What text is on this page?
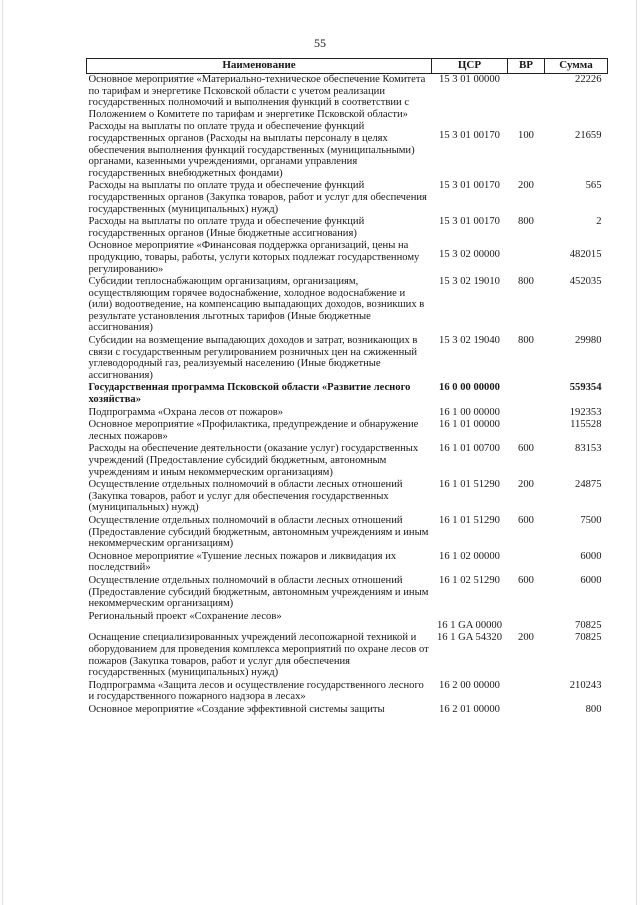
55
Наименование	ЦСР	ВР	Сумма
Основное мероприятие «Материально-техническое обеспечение Комитета по тарифам и энергетике Псковской области с учетом реализации государственных полномочий и выполнения функций в соответствии с Положением о Комитете по тарифам и энергетике Псковской области»	15 3 01 00000		22226
Расходы на выплаты по оплате труда и обеспечение функций государственных органов (Расходы на выплаты персоналу в целях обеспечения выполнения функций государственных (муниципальными) органами, казенными учреждениями, органами управления государственных внебюджетных фондами)	15 3 01 00170	100	21659
Расходы на выплаты по оплате труда и обеспечение функций государственных органов (Закупка товаров, работ и услуг для обеспечения государственных (муниципальных) нужд)	15 3 01 00170	200	565
Расходы на выплаты по оплате труда и обеспечение функций государственных органов (Иные бюджетные ассигнования)	15 3 01 00170	800	2
Основное мероприятие «Финансовая поддержка организаций, цены на продукцию, товары, работы, услуги которых подлежат государственному регулированию»	15 3 02 00000		482015
Субсидии теплоснабжающим организациям, организациям, осуществляющим горячее водоснабжение, холодное водоснабжение и (или) водоотведение, на компенсацию выпадающих доходов, возникших в результате установления льготных тарифов (Иные бюджетные ассигнования)	15 3 02 19010	800	452035
Субсидии на возмещение выпадающих доходов и затрат, возникающих в связи с государственным регулированием розничных цен на сжиженный углеводородный газ, реализуемый населению (Иные бюджетные ассигнования)	15 3 02 19040	800	29980
Государственная программа Псковской области «Развитие лесного хозяйства»	16 0 00 00000		559354
Подпрограмма «Охрана лесов от пожаров»	16 1 00 00000		192353
Основное мероприятие «Профилактика, предупреждение и обнаружение лесных пожаров»	16 1 01 00000		115528
Расходы на обеспечение деятельности (оказание услуг) государственных учреждений (Предоставление субсидий бюджетным, автономным учреждениям и иным некоммерческим организациям)	16 1 01 00700	600	83153
Осуществление отдельных полномочий в области лесных отношений (Закупка товаров, работ и услуг для обеспечения государственных (муниципальных) нужд)	16 1 01 51290	200	24875
Осуществление отдельных полномочий в области лесных отношений (Предоставление субсидий бюджетным, автономным учреждениям и иным некоммерческим организациям)	16 1 01 51290	600	7500
Основное мероприятие «Тушение лесных пожаров и ликвидация их последствий»	16 1 02 00000		6000
Осуществление отдельных полномочий в области лесных отношений (Предоставление субсидий бюджетным, автономным учреждениям и иным некоммерческим организациям)	16 1 02 51290	600	6000
Региональный проект «Сохранение лесов»	16 1 GA 00000		70825
Оснащение специализированных учреждений лесопожарной техникой и оборудованием для проведения комплекса мероприятий по охране лесов от пожаров (Закупка товаров, работ и услуг для обеспечения государственных (муниципальных) нужд)	16 1 GA 54320	200	70825
Подпрограмма «Защита лесов и осуществление государственного лесного и государственного пожарного надзора в лесах»	16 2 00 00000		210243
Основное мероприятие «Создание эффективной системы защиты	16 2 01 00000		800
